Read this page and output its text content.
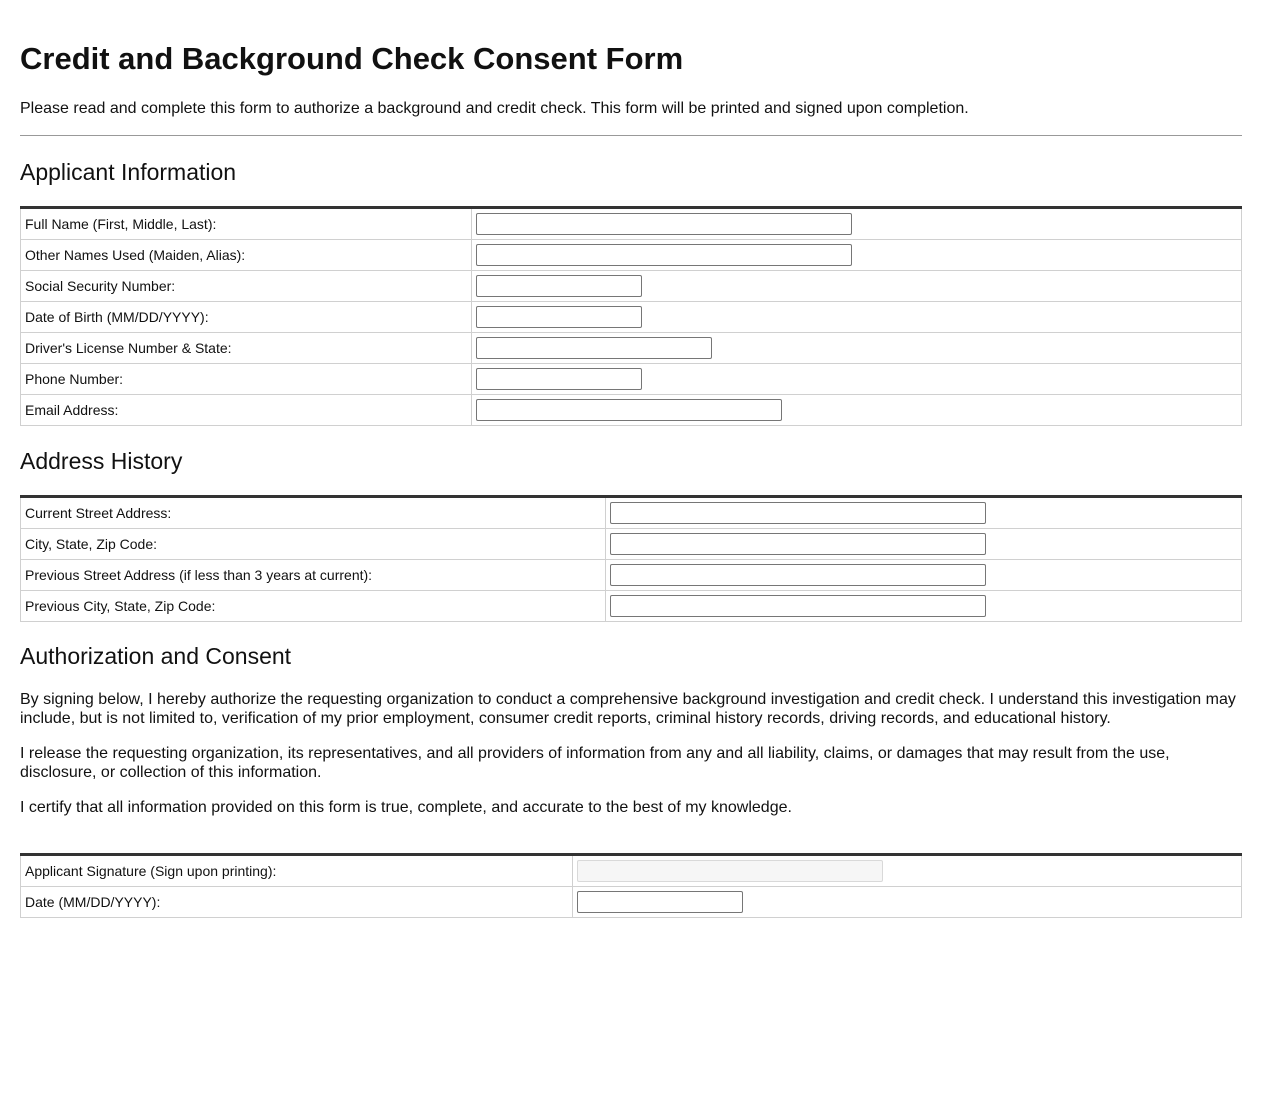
Credit and Background Check Consent Form

Please read and complete this form to authorize a background and credit check. This form will be printed and signed upon completion.

Applicant Information
Full Name (First, Middle, Last):	

Other Names Used (Maiden, Alias):	

Social Security Number:	

Date of Birth (MM/DD/YYYY):	

Driver's License Number & State:	

Phone Number:	

Email Address:	
Address History
Current Street Address:	

City, State, Zip Code:	

Previous Street Address (if less than 3 years at current):	

Previous City, State, Zip Code:	
Authorization and Consent

By signing below, I hereby authorize the requesting organization to conduct a comprehensive background investigation and credit check. I understand this investigation may include, but is not limited to, verification of my prior employment, consumer credit reports, criminal history records, driving records, and educational history.

I release the requesting organization, its representatives, and all providers of information from any and all liability, claims, or damages that may result from the use, disclosure, or collection of this information.

I certify that all information provided on this form is true, complete, and accurate to the best of my knowledge.

Applicant Signature (Sign upon printing):	

Date (MM/DD/YYYY):	
